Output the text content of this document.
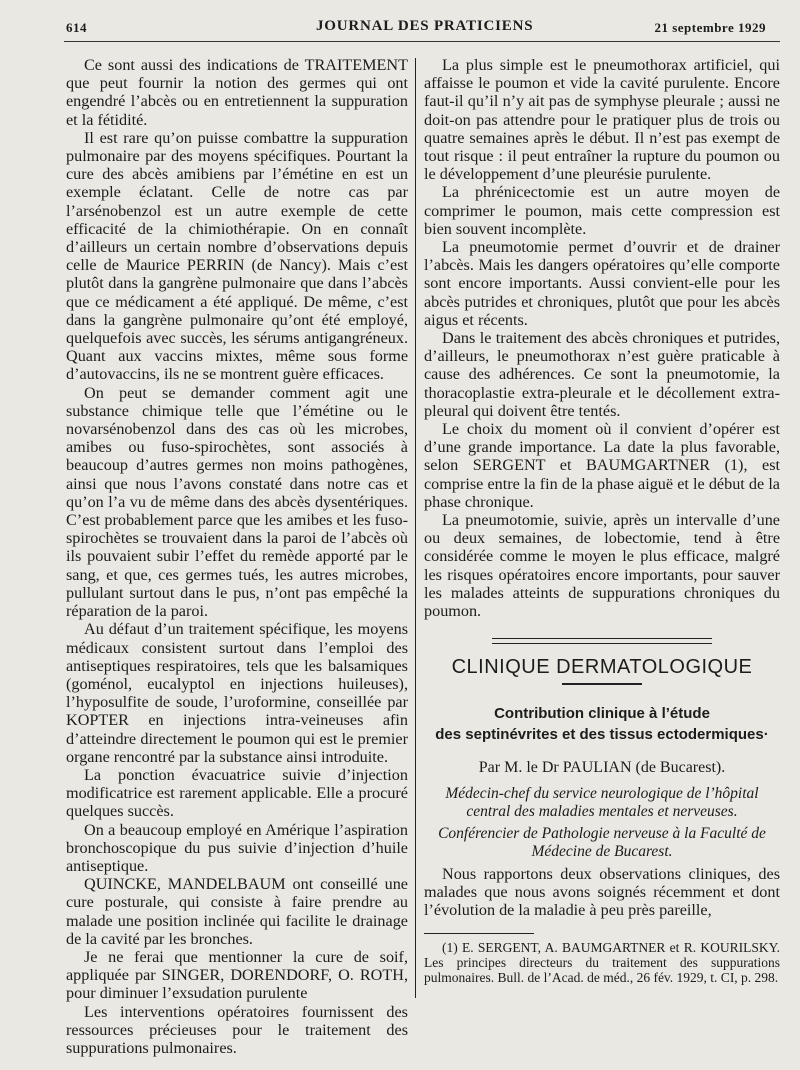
614	JOURNAL DES PRATICIENS	21 septembre 1929

Ce sont aussi des indications de TRAITEMENT que peut fournir la notion des germes qui ont engendré l’abcès ou en entretiennent la suppuration et la fétidité.

Il est rare qu’on puisse combattre la suppuration pulmonaire par des moyens spécifiques. Pourtant la cure des abcès amibiens par l’émétine en est un exemple éclatant. Celle de notre cas par l’arsénobenzol est un autre exemple de cette efficacité de la chimiothérapie. On en connaît d’ailleurs un certain nombre d’observations depuis celle de Maurice PERRIN (de Nancy). Mais c’est plutôt dans la gangrène pulmonaire que dans l’abcès que ce médicament a été appliqué. De même, c’est dans la gangrène pulmonaire qu’ont été employé, quelquefois avec succès, les sérums antigangréneux. Quant aux vaccins mixtes, même sous forme d’autovaccins, ils ne se montrent guère efficaces.

On peut se demander comment agit une substance chimique telle que l’émétine ou le novarsénobenzol dans des cas où les microbes, amibes ou fuso-spirochètes, sont associés à beaucoup d’autres germes non moins pathogènes, ainsi que nous l’avons constaté dans notre cas et qu’on l’a vu de même dans des abcès dysentériques. C’est probablement parce que les amibes et les fuso-spirochètes se trouvaient dans la paroi de l’abcès où ils pouvaient subir l’effet du remède apporté par le sang, et que, ces germes tués, les autres microbes, pullulant surtout dans le pus, n’ont pas empêché la réparation de la paroi.

Au défaut d’un traitement spécifique, les moyens médicaux consistent surtout dans l’emploi des antiseptiques respiratoires, tels que les balsamiques (goménol, eucalyptol en injections huileuses), l’hyposulfite de soude, l’uroformine, conseillée par KOPTER en injections intra-veineuses afin d’atteindre directement le poumon qui est le premier organe rencontré par la substance ainsi introduite.

La ponction évacuatrice suivie d’injection modificatrice est rarement applicable. Elle a procuré quelques succès.

On a beaucoup employé en Amérique l’aspiration bronchoscopique du pus suivie d’injection d’huile antiseptique.

QUINCKE, MANDELBAUM ont conseillé une cure posturale, qui consiste à faire prendre au malade une position inclinée qui facilite le drainage de la cavité par les bronches.

Je ne ferai que mentionner la cure de soif, appliquée par SINGER, DORENDORF, O. ROTH, pour diminuer l’exsudation purulente

Les interventions opératoires fournissent des ressources précieuses pour le traitement des suppurations pulmonaires.

La plus simple est le pneumothorax artificiel, qui affaisse le poumon et vide la cavité purulente. Encore faut-il qu’il n’y ait pas de symphyse pleurale ; aussi ne doit-on pas attendre pour le pratiquer plus de trois ou quatre semaines après le début. Il n’est pas exempt de tout risque : il peut entraîner la rupture du poumon ou le développement d’une pleurésie purulente.

La phrénicectomie est un autre moyen de comprimer le poumon, mais cette compression est bien souvent incomplète.

La pneumotomie permet d’ouvrir et de drainer l’abcès. Mais les dangers opératoires qu’elle comporte sont encore importants. Aussi convient-elle pour les abcès putrides et chroniques, plutôt que pour les abcès aigus et récents.

Dans le traitement des abcès chroniques et putrides, d’ailleurs, le pneumothorax n’est guère praticable à cause des adhérences. Ce sont la pneumotomie, la thoracoplastie extra-pleurale et le décollement extra-pleural qui doivent être tentés.

Le choix du moment où il convient d’opérer est d’une grande importance. La date la plus favorable, selon SERGENT et BAUMGARTNER (1), est comprise entre la fin de la phase aiguë et le début de la phase chronique.

La pneumotomie, suivie, après un intervalle d’une ou deux semaines, de lobectomie, tend à être considérée comme le moyen le plus efficace, malgré les risques opératoires encore importants, pour sauver les malades atteints de suppurations chroniques du poumon.

CLINIQUE DERMATOLOGIQUE
Contribution clinique à l’étude
des septinévrites et des tissus ectodermiques·
Par M. le Dr PAULIAN (de Bucarest).
Médecin-chef du service neurologique de l’hôpital central des maladies mentales et nerveuses.
Conférencier de Pathologie nerveuse à la Faculté de Médecine de Bucarest.

Nous rapportons deux observations cliniques, des malades que nous avons soignés récemment et dont l’évolution de la maladie à peu près pareille,

(1) E. SERGENT, A. BAUMGARTNER et R. KOURILSKY. Les principes directeurs du traitement des suppurations pulmonaires. Bull. de l’Acad. de méd., 26 fév. 1929, t. CI, p. 298.
